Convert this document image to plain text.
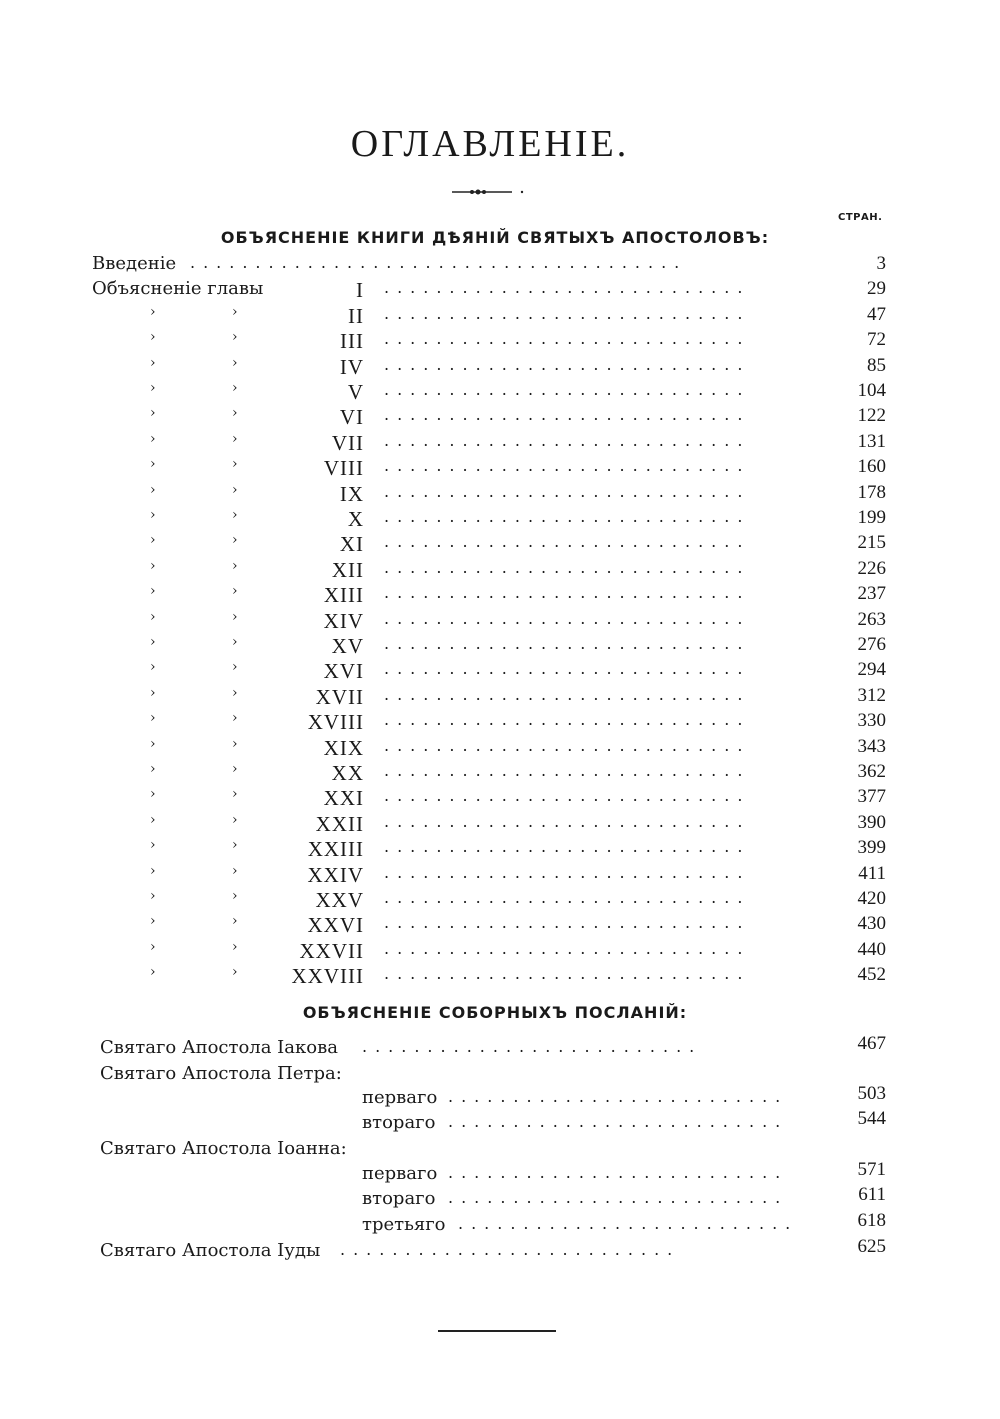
ОГЛАВЛЕНІЕ.
СТРАН.
ОБЪЯСНЕНІЕ КНИГИ ДѢЯНІЙ СВЯТЫХЪ АПОСТОЛОВЪ:
Введеніе ......................................	3
Объясненіе главы	I ............................	29
›	›	II ............................	47
›	›	III ............................	72
›	›	IV ............................	85
›	›	V ............................	104
›	›	VI ............................	122
›	›	VII ............................	131
›	›	VIII ............................	160
›	›	IX ............................	178
›	›	X ............................	199
›	›	XI ............................	215
›	›	XII ............................	226
›	›	XIII ............................	237
›	›	XIV ............................	263
›	›	XV ............................	276
›	›	XVI ............................	294
›	›	XVII ............................	312
›	›	XVIII ............................	330
›	›	XIX ............................	343
›	›	XX ............................	362
›	›	XXI ............................	377
›	›	XXII ............................	390
›	›	XXIII ............................	399
›	›	XXIV ............................	411
›	›	XXV ............................	420
›	›	XXVI ............................	430
›	›	XXVII ............................	440
›	›	XXVIII ............................	452
ОБЪЯСНЕНІЕ СОБОРНЫХЪ ПОСЛАНІЙ:
Святаго Апостола Іакова ..........................	467
Святаго Апостола Петра:
перваго ..........................	503
втораго ..........................	544
Святаго Апостола Іоанна:
перваго ..........................	571
втораго ..........................	611
третьяго ..........................	618
Святаго Апостола Іуды ..........................	625
